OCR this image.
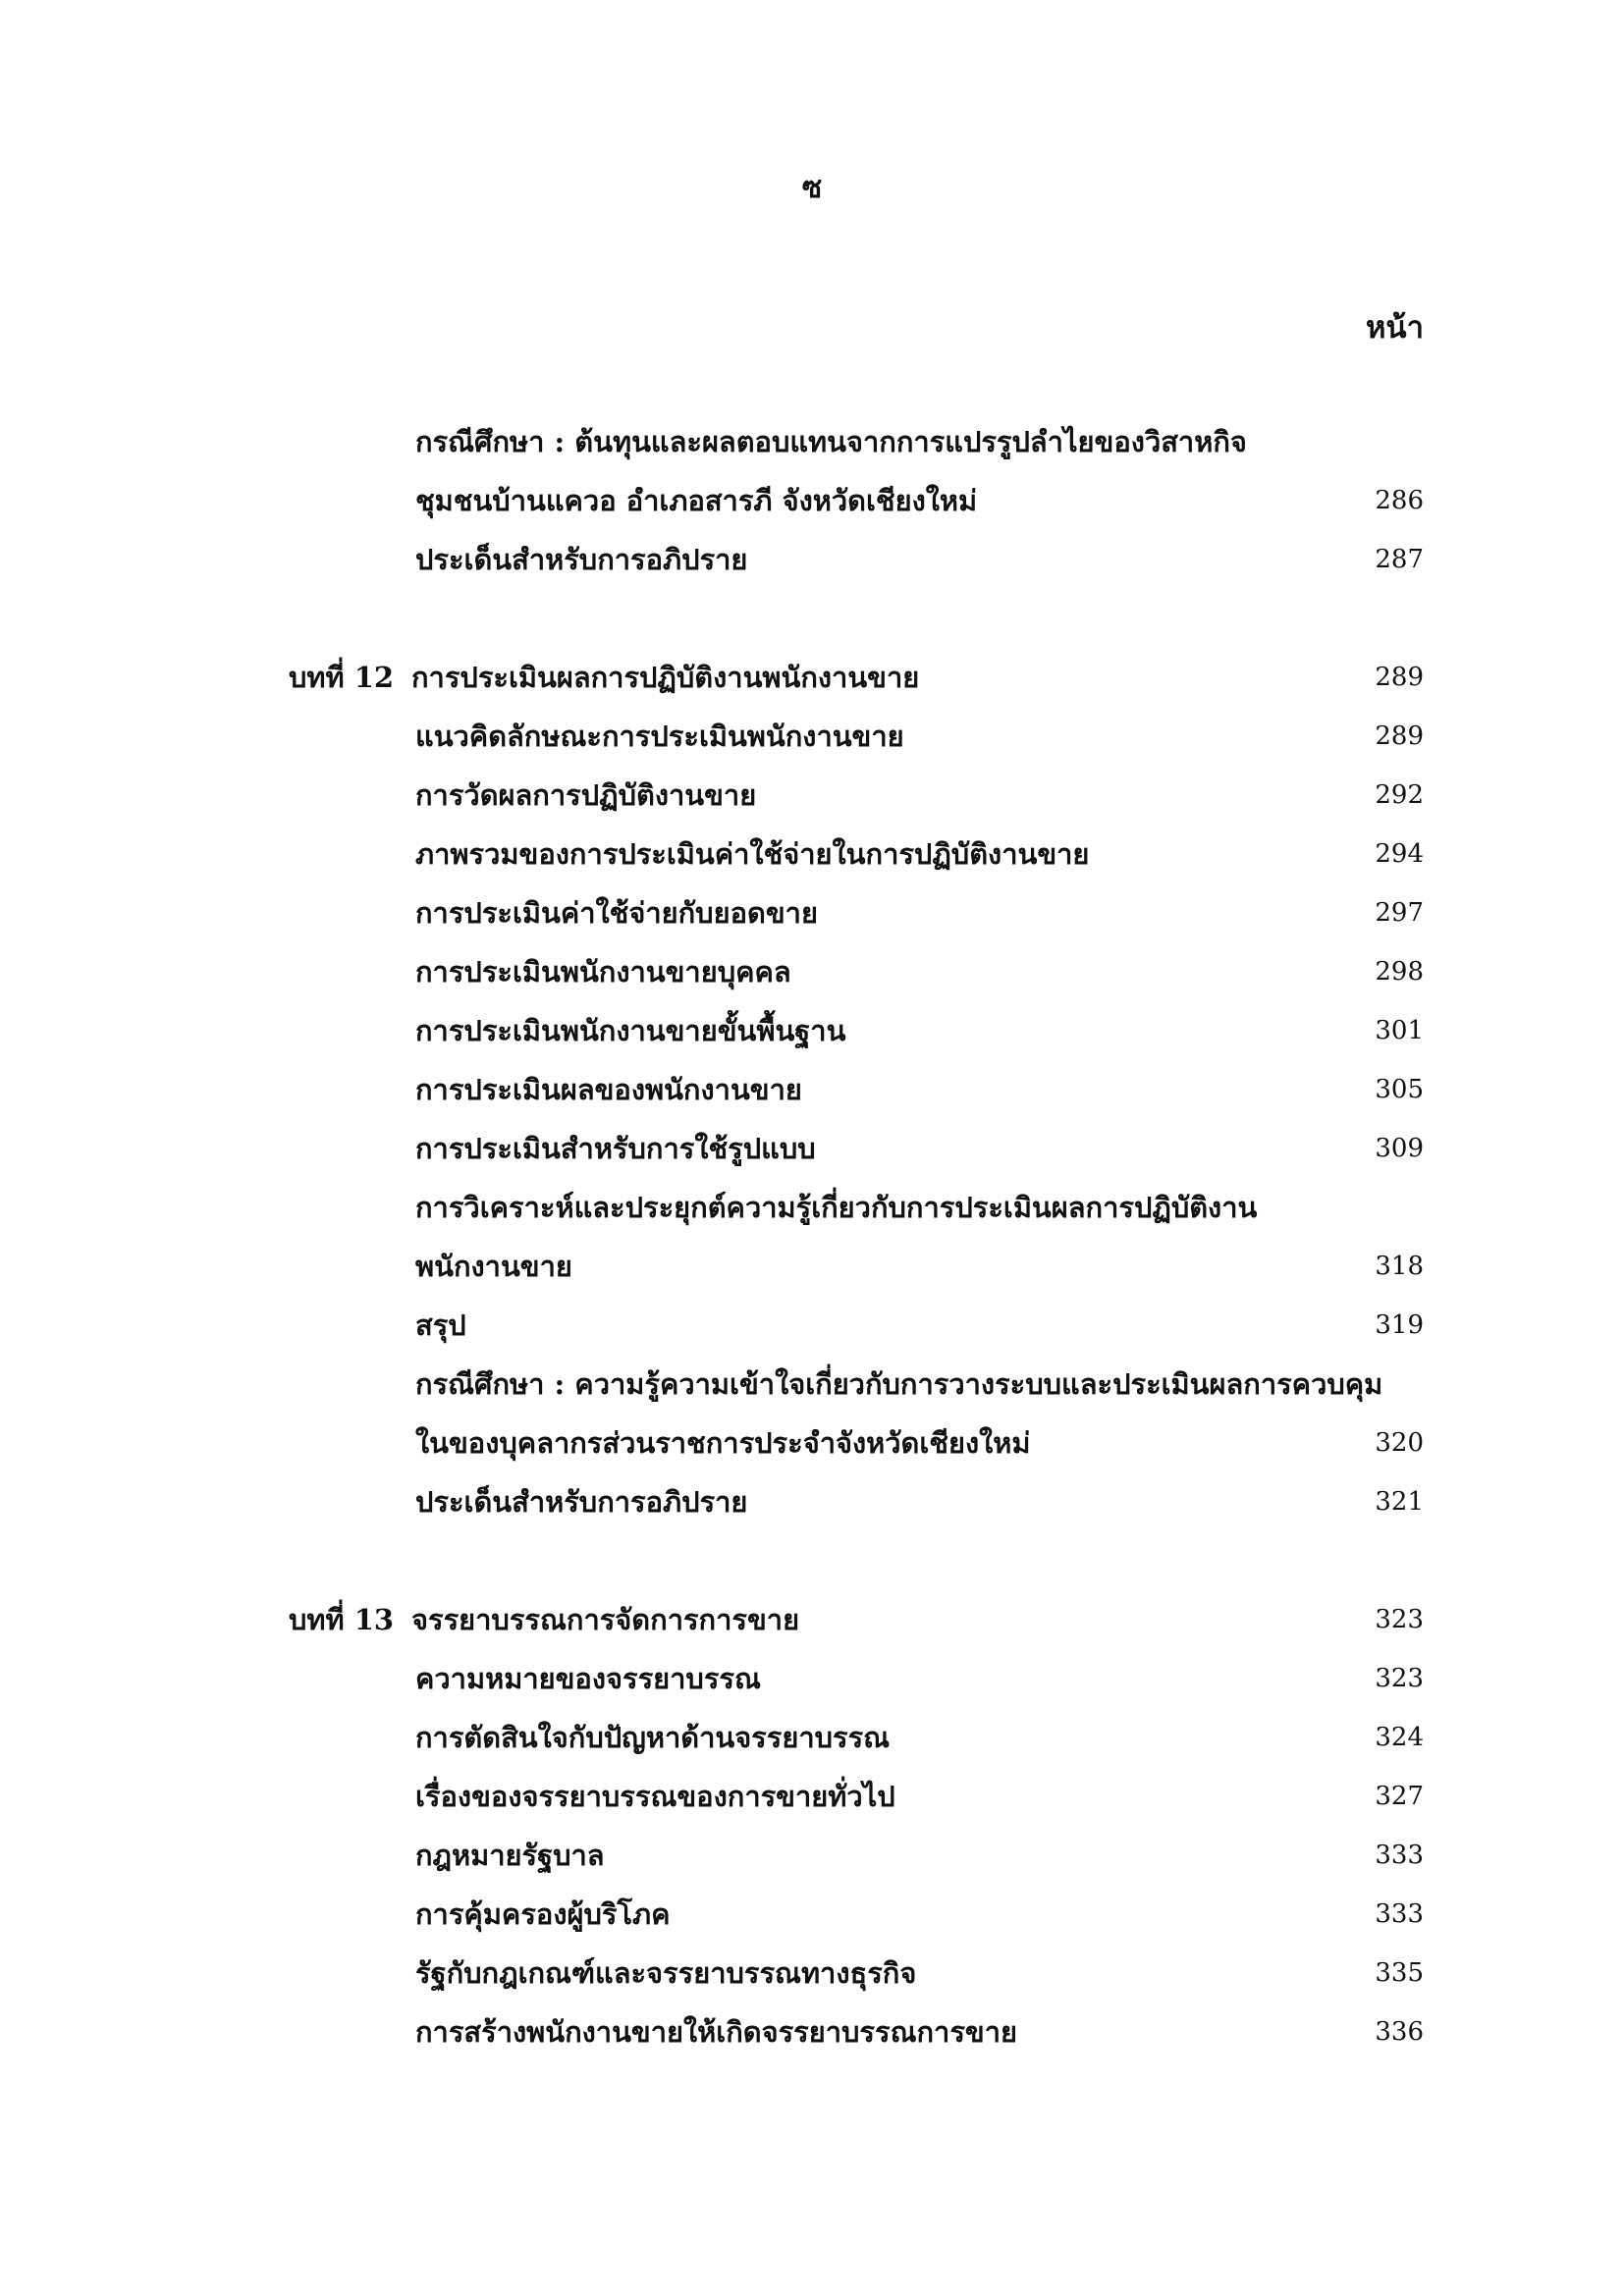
ซ
หน้า
กรณีศึกษา : ต้นทุนและผลตอบแทนจากการแปรรูปลำไยของวิสาหกิจ
ชุมชนบ้านแควอ อำเภอสารภี จังหวัดเชียงใหม่	286
ประเด็นสำหรับการอภิปราย	287
บทที่ 12 การประเมินผลการปฏิบัติงานพนักงานขาย	289
แนวคิดลักษณะการประเมินพนักงานขาย	289
การวัดผลการปฏิบัติงานขาย	292
ภาพรวมของการประเมินค่าใช้จ่ายในการปฏิบัติงานขาย	294
การประเมินค่าใช้จ่ายกับยอดขาย	297
การประเมินพนักงานขายบุคคล	298
การประเมินพนักงานขายขั้นพื้นฐาน	301
การประเมินผลของพนักงานขาย	305
การประเมินสำหรับการใช้รูปแบบ	309
การวิเคราะห์และประยุกต์ความรู้เกี่ยวกับการประเมินผลการปฏิบัติงาน
พนักงานขาย	318
สรุป	319
กรณีศึกษา : ความรู้ความเข้าใจเกี่ยวกับการวางระบบและประเมินผลการควบคุม
ในของบุคลากรส่วนราชการประจำจังหวัดเชียงใหม่	320
ประเด็นสำหรับการอภิปราย	321
บทที่ 13 จรรยาบรรณการจัดการการขาย	323
ความหมายของจรรยาบรรณ	323
การตัดสินใจกับปัญหาด้านจรรยาบรรณ	324
เรื่องของจรรยาบรรณของการขายทั่วไป	327
กฎหมายรัฐบาล	333
การคุ้มครองผู้บริโภค	333
รัฐกับกฎเกณฑ์และจรรยาบรรณทางธุรกิจ	335
การสร้างพนักงานขายให้เกิดจรรยาบรรณการขาย	336
